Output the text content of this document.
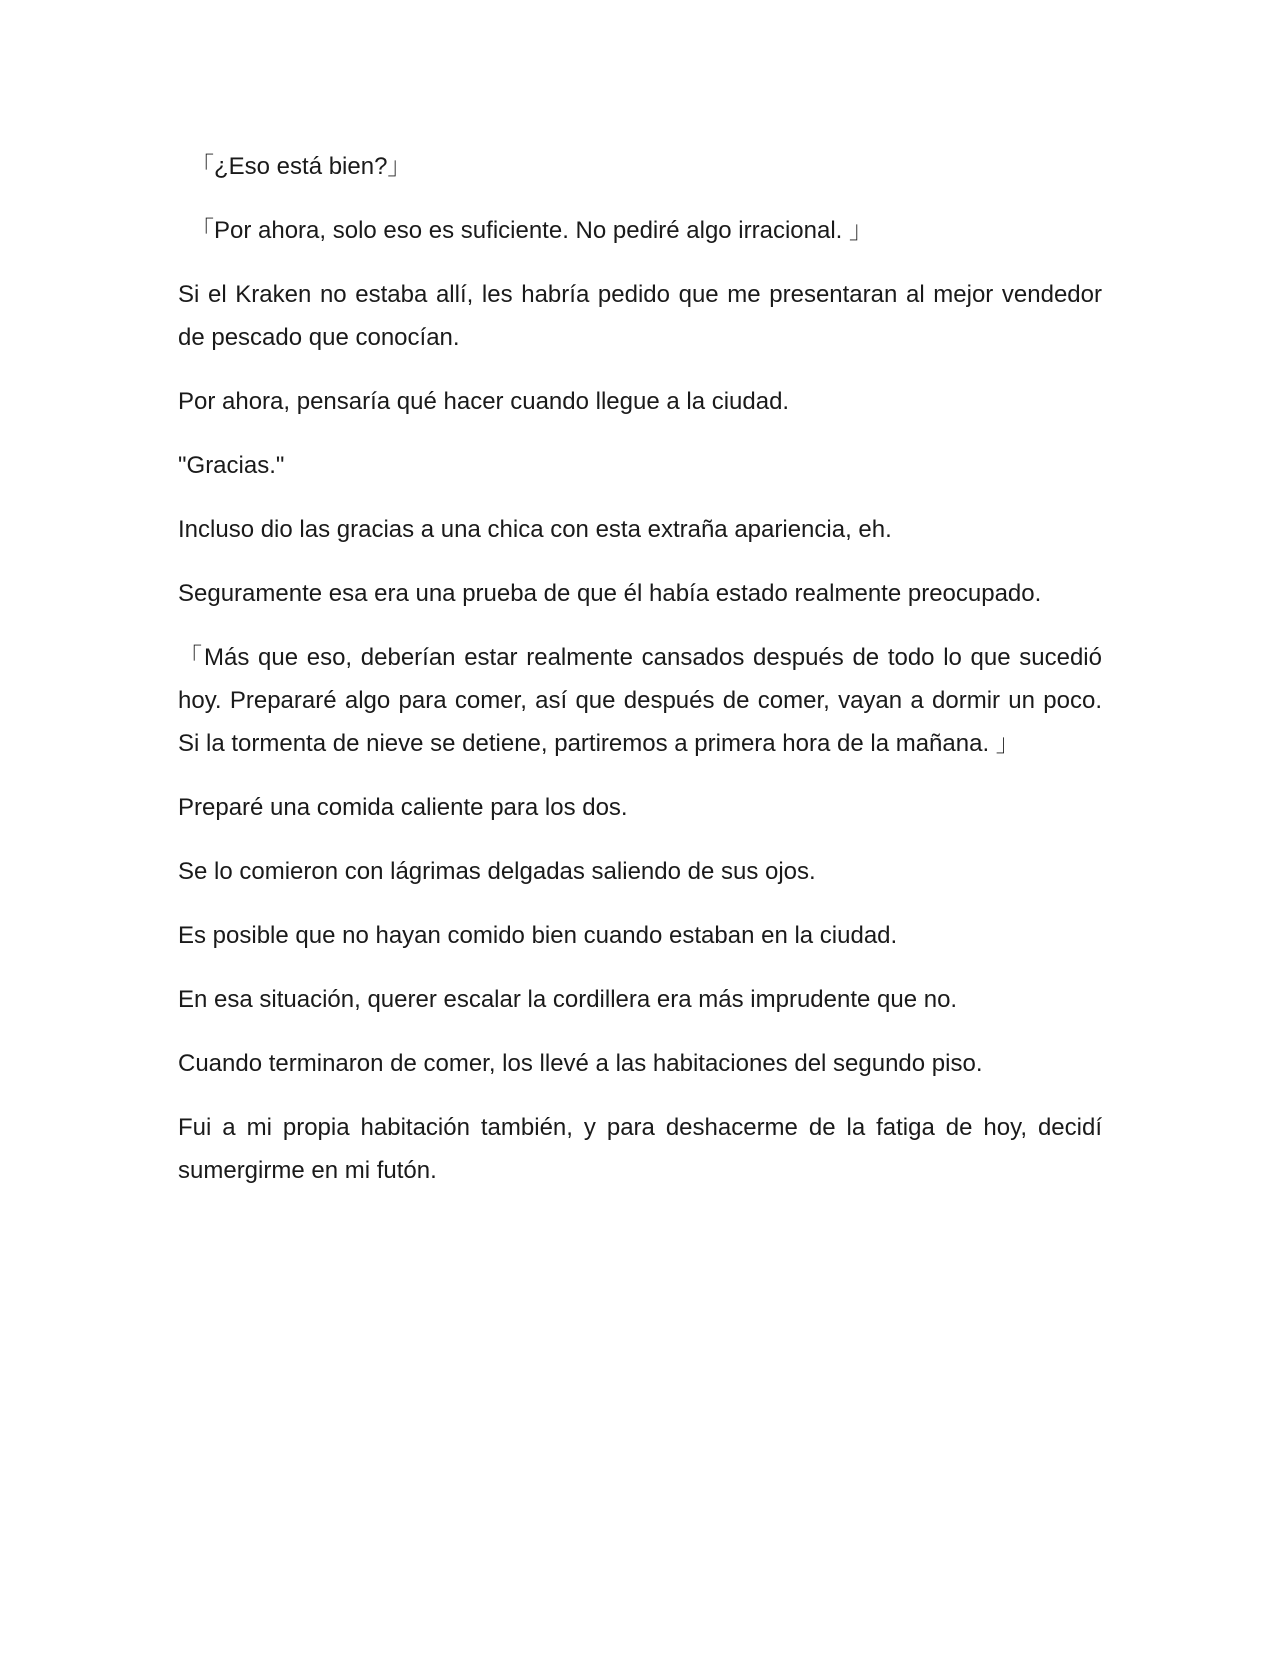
「¿Eso está bien?」

「Por ahora, solo eso es suficiente. No pediré algo irracional. 」

Si el Kraken no estaba allí, les habría pedido que me presentaran al mejor vendedor de pescado que conocían.

Por ahora, pensaría qué hacer cuando llegue a la ciudad.

"Gracias."

Incluso dio las gracias a una chica con esta extraña apariencia, eh.

Seguramente esa era una prueba de que él había estado realmente preocupado.

「Más que eso, deberían estar realmente cansados después de todo lo que sucedió hoy. Prepararé algo para comer, así que después de comer, vayan a dormir un poco. Si la tormenta de nieve se detiene, partiremos a primera hora de la mañana. 」

Preparé una comida caliente para los dos.

Se lo comieron con lágrimas delgadas saliendo de sus ojos.

Es posible que no hayan comido bien cuando estaban en la ciudad.

En esa situación, querer escalar la cordillera era más imprudente que no.

Cuando terminaron de comer, los llevé a las habitaciones del segundo piso.

Fui a mi propia habitación también, y para deshacerme de la fatiga de hoy, decidí sumergirme en mi futón.
